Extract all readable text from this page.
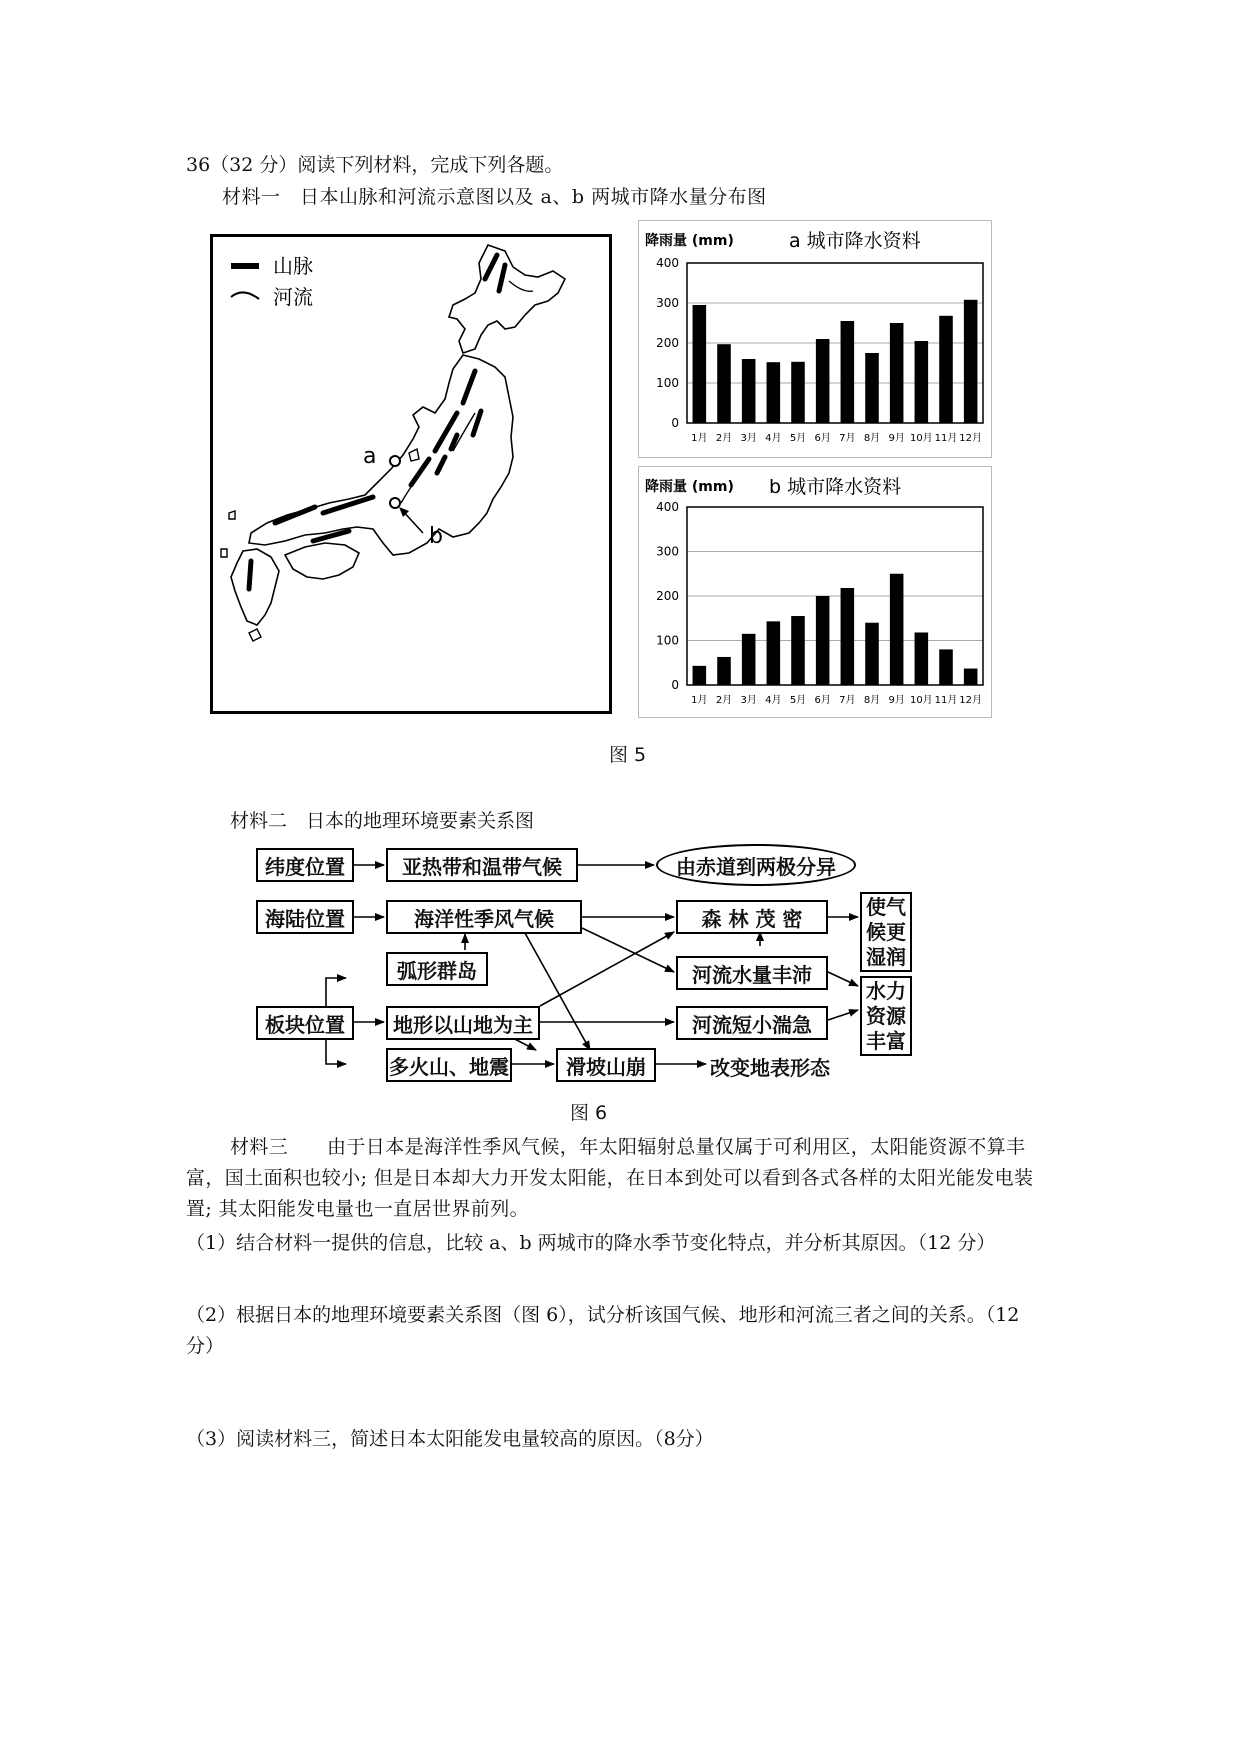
36（32 分）阅读下列材料，完成下列各题。
材料一　日本山脉和河流示意图以及 a、b 两城市降水量分布图
山脉
河流
a
b
降雨量 (mm)	a 城市降水资料
0
100
200
300
400
1月 2月 3月 4月 5月 6月 7月 8月 9月 10月 11月 12月
降雨量 (mm) b 城市降水资料
0
100
200
300
400
1月 2月 3月 4月 5月 6月 7月 8月 9月 10月 11月 12月
图 5
材料二　日本的地理环境要素关系图
纬度位置	亚热带和温带气候	由赤道到两极分异
海陆位置	海洋性季风气候	森 林 茂 密	使气候更湿润
弧形群岛	河流水量丰沛
水力资源丰富
板块位置	地形以山地为主	河流短小湍急
多火山、地震	滑坡山崩	改变地表形态
图 6
材料三　　由于日本是海洋性季风气候，年太阳辐射总量仅属于可利用区，太阳能资源不算丰富，国土面积也较小; 但是日本却大力开发太阳能，在日本到处可以看到各式各样的太阳光能发电装置; 其太阳能发电量也一直居世界前列。
（1）结合材料一提供的信息，比较 a、b 两城市的降水季节变化特点，并分析其原因。（12 分）
（2）根据日本的地理环境要素关系图（图 6），试分析该国气候、地形和河流三者之间的关系。（12 分）
（3）阅读材料三，简述日本太阳能发电量较高的原因。（8分）
